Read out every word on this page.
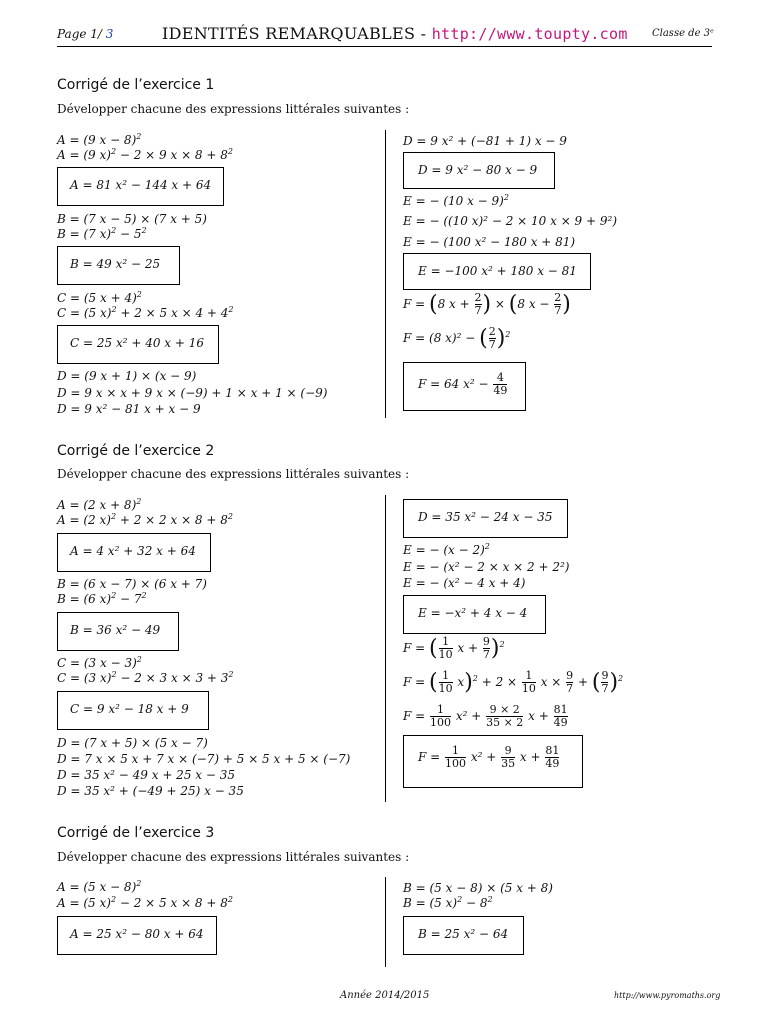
Page 1/ 3	IDENTITÉS REMARQUABLES - http://www.toupty.com Classe de 3ᵉ
Corrigé de l’exercice 1
Développer chacune des expressions littérales suivantes :
A = (9 x − 8)$^2$
A = (9 x)$^2$ − 2 × 9 $x \times 8 + 8^2$
A = 81 x² − 144 x + 64
B = (7 x − 5) × (7 x + 5)
B = (7 $x)^2 - 5^2$
B = 49 x² − 25
C = (5 x + 4)$^2$
C = (5 x)$^2$ + 2 × 5 $x \times 4 + 4^2$
C = 25 x² + 40 x + 16
D = (9 x + 1) × (x − 9)
D = 9 x × x + 9 x × (−9) + 1 × x + 1 × (−9)
D = 9 x² − 81 x + x − 9
D = 9 x² + (−81 + 1) x − 9
D = 9 x² − 80 x − 9
E = − (10 x − 9)$^2$
E = − ((10 x)² − 2 × 10 x × 9 + 9²)
E = − (100 x² − 180 x + 81)
E = −100 x² + 180 x − 81
F = (8 $x + \frac{2}{7}$ ) × (8 $x - \frac{2}{7}$ )
F = (8 x)² − ( $\frac{2}{7} )^2$
F = 64 $x^2 - \frac{4}{49}$
Corrigé de l’exercice 2
Développer chacune des expressions littérales suivantes :
A = (2 x + 8)$^2$
A = (2 x)$^2$ + 2 × 2 $x \times 8 + 8^2$
A = 4 x² + 32 x + 64
B = (6 x − 7) × (6 x + 7)
B = (6 $x)^2 - 7^2$
B = 36 x² − 49
C = (3 x − 3)$^2$
C = (3 x)$^2$ − 2 × 3 $x \times 3 + 3^2$
C = 9 x² − 18 x + 9
D = (7 x + 5) × (5 x − 7)
D = 7 x × 5 x + 7 x × (−7) + 5 × 5 x + 5 × (−7)
D = 35 x² − 49 x + 25 x − 35
D = 35 x² + (−49 + 25) x − 35
D = 35 x² − 24 x − 35
E = − $(x - 2)^2$
E = − (x² − 2 × x × 2 + 2²)
E = − (x² − 4 x + 4)
E = −x² + 4 x − 4
F = ( $\frac{1}{10}$ $x + \frac{9}{7} )^2$
F = ( $\frac{1}{10} x)^2 + 2 \times \frac{1}{10}$ $x \times \frac{9}{7}$ + ( $\frac{9}{7} )^2$
$F = \frac{1}{100} x^2 + \frac{9 \times 2}{35 \times 2}$ $x + \frac{81}{49}$
$F = \frac{1}{100} x^2 + \frac{9}{35}$ $x + \frac{81}{49}$
Corrigé de l’exercice 3
Développer chacune des expressions littérales suivantes :
A = (5 x − 8)$^2$
A = (5 x)$^2$ − 2 × 5 $x \times 8 + 8^2$
A = 25 x² − 80 x + 64
B = (5 x − 8) × (5 x + 8)
B = (5 $x)^2 - 8^2$
B = 25 x² − 64
Année 2014/2015	http://www.pyromaths.org
